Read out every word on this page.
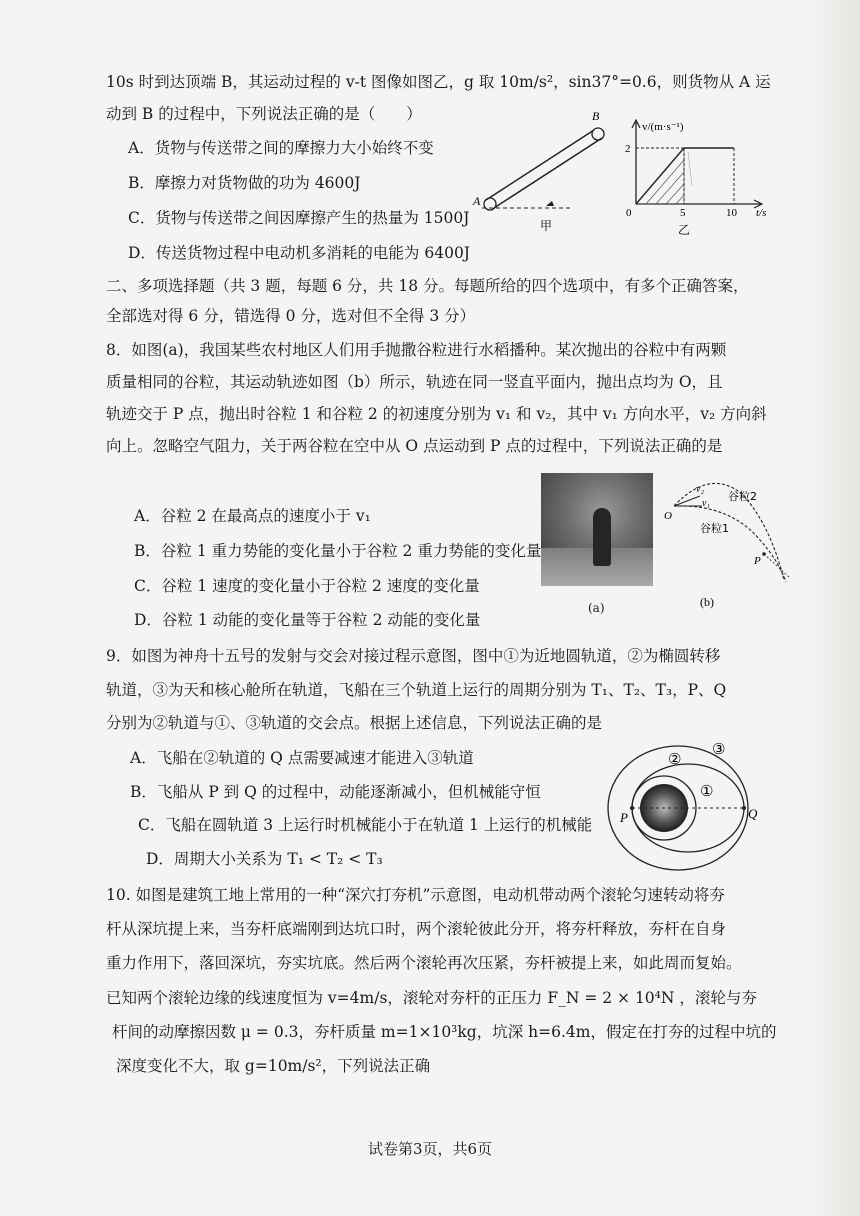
10s 时到达顶端 B，其运动过程的 v-t 图像如图乙，g 取 10m/s²，sin37°=0.6，则货物从 A 运
动到 B 的过程中，下列说法正确的是（　　）
A．货物与传送带之间的摩擦力大小始终不变
B．摩擦力对货物做的功为 4600J
C．货物与传送带之间因摩擦产生的热量为 1500J
D．传送货物过程中电动机多消耗的电能为 6400J
A
B
甲
v/(m·s⁻¹)
2
0	5	10 t/s
乙
二、多项选择题（共 3 题，每题 6 分，共 18 分。每题所给的四个选项中，有多个正确答案，
全部选对得 6 分，错选得 0 分，选对但不全得 3 分）
8．如图(a)，我国某些农村地区人们用手抛撒谷粒进行水稻播种。某次抛出的谷粒中有两颗
质量相同的谷粒，其运动轨迹如图（b）所示，轨迹在同一竖直平面内，抛出点均为 O，且
轨迹交于 P 点，抛出时谷粒 1 和谷粒 2 的初速度分别为 v₁ 和 v₂，其中 v₁ 方向水平，v₂ 方向斜
向上。忽略空气阻力，关于两谷粒在空中从 O 点运动到 P 点的过程中，下列说法正确的是
A．谷粒 2 在最高点的速度小于 v₁
B．谷粒 1 重力势能的变化量小于谷粒 2 重力势能的变化量
C．谷粒 1 速度的变化量小于谷粒 2 速度的变化量
D．谷粒 1 动能的变化量等于谷粒 2 动能的变化量
(a)
O
v₂
v₁
谷粒2
谷粒1
P
(b)
9．如图为神舟十五号的发射与交会对接过程示意图，图中①为近地圆轨道，②为椭圆转移
轨道，③为天和核心舱所在轨道，飞船在三个轨道上运行的周期分别为 T₁、T₂、T₃，P、Q
分别为②轨道与①、③轨道的交会点。根据上述信息，下列说法正确的是
A．飞船在②轨道的 Q 点需要减速才能进入③轨道
B．飞船从 P 到 Q 的过程中，动能逐渐减小，但机械能守恒
C．飞船在圆轨道 3 上运行时机械能小于在轨道 1 上运行的机械能
D．周期大小关系为 T₁ < T₂ < T₃
②
③
①
P	Q
10. 如图是建筑工地上常用的一种“深穴打夯机”示意图，电动机带动两个滚轮匀速转动将夯
杆从深坑提上来，当夯杆底端刚到达坑口时，两个滚轮彼此分开，将夯杆释放，夯杆在自身
重力作用下，落回深坑，夯实坑底。然后两个滚轮再次压紧，夯杆被提上来，如此周而复始。
已知两个滚轮边缘的线速度恒为 v=4m/s，滚轮对夯杆的正压力 F_N = 2 × 10⁴N ，滚轮与夯
杆间的动摩擦因数 μ = 0.3，夯杆质量 m=1×10³kg，坑深 h=6.4m，假定在打夯的过程中坑的
深度变化不大，取 g=10m/s²，下列说法正确
试卷第3页，共6页
